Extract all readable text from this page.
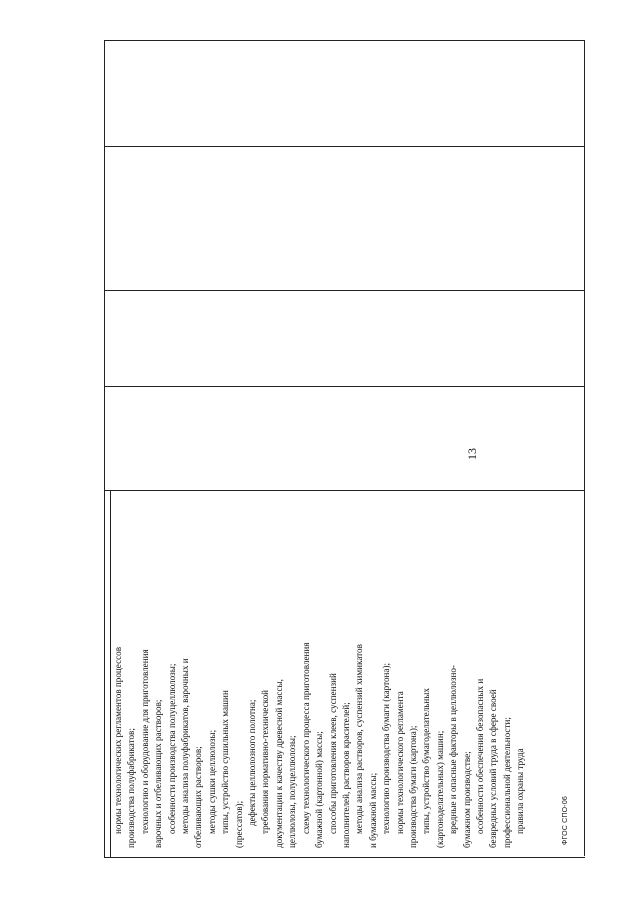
13

нормы технологических регламентов процессов производства полуфабрикатов; технологию и оборудование для приготовления варочных и отбеливающих растворов; особенности производства полуцеллюлозы; методы анализа полуфабрикатов, варочных и отбеливающих растворов; методы сушки целлюлозы; типы, устройство сушильных машин (прессатов); дефекты целлюлозного полотна; требования нормативно-технической документации к качеству древесной массы, целлюлозы, полуцеллюлозы; схему технологического процесса приготовления бумажной (картонной) массы; способы приготовления клеев, суспензий наполнителей, растворов красителей; методы анализа растворов, суспензий химикатов и бумажной массы; технологию производства бумаги (картона); нормы технологического регламента производства бумаги (картона); типы, устройство бумагоделательных (картоноделательных) машин; вредные и опасные факторы в целлюлозно- бумажном производстве; особенности обеспечения безопасных и безвредных условий труда в сфере своей профессиональной деятельности; правила охраны труда	ФГОС СПО-06
